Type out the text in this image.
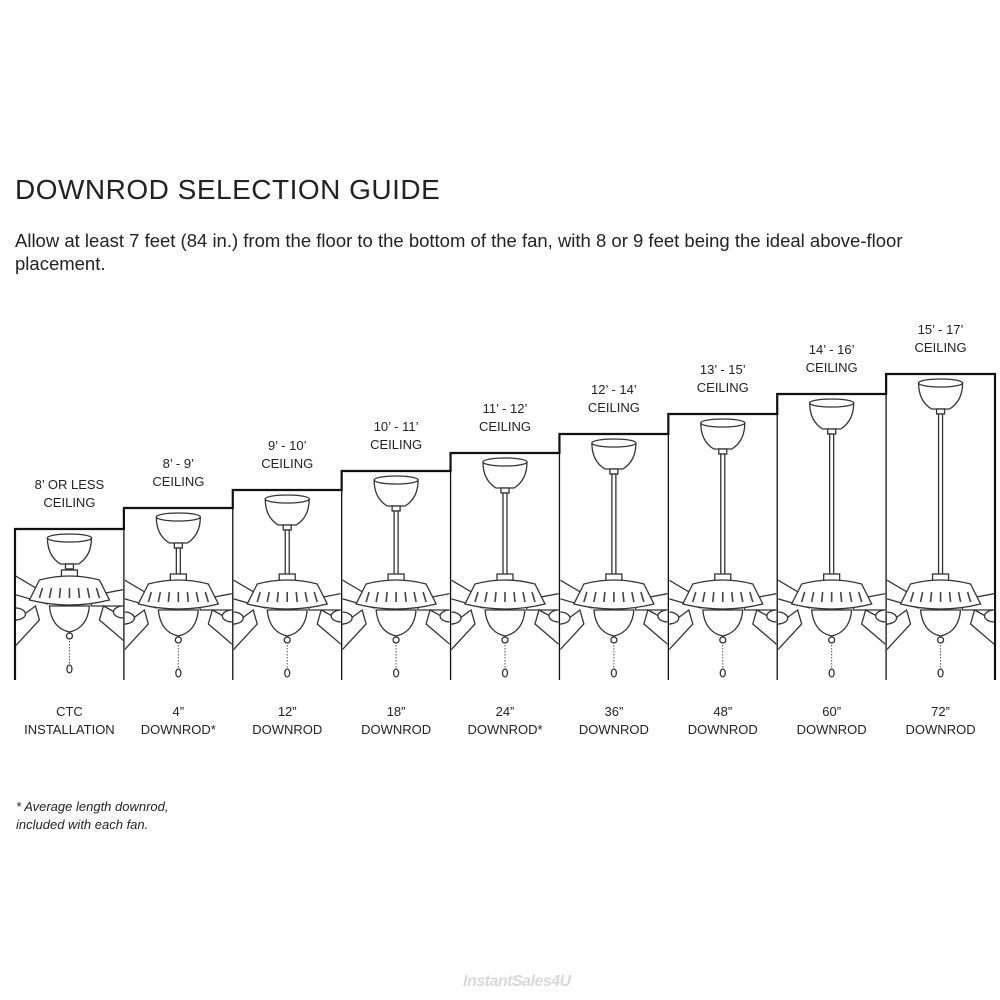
DOWNROD SELECTION GUIDE

Allow at least 7 feet (84 in.) from the floor to the bottom of the fan, with 8 or 9 feet being the ideal above-floor placement.

8’ OR LESS
CEILING
CTC
INSTALLATION
8’ - 9’
CEILING
4”
DOWNROD*
9’ - 10’
CEILING
12”
DOWNROD
10’ - 11’
CEILING
18”
DOWNROD
11’ - 12’
CEILING
24”
DOWNROD*
12’ - 14’
CEILING
36”
DOWNROD
13’ - 15’
CEILING
48”
DOWNROD
14’ - 16’
CEILING
60”
DOWNROD
15’ - 17’
CEILING
72”
DOWNROD
* Average length downrod,
included with each fan.
InstantSales4U
